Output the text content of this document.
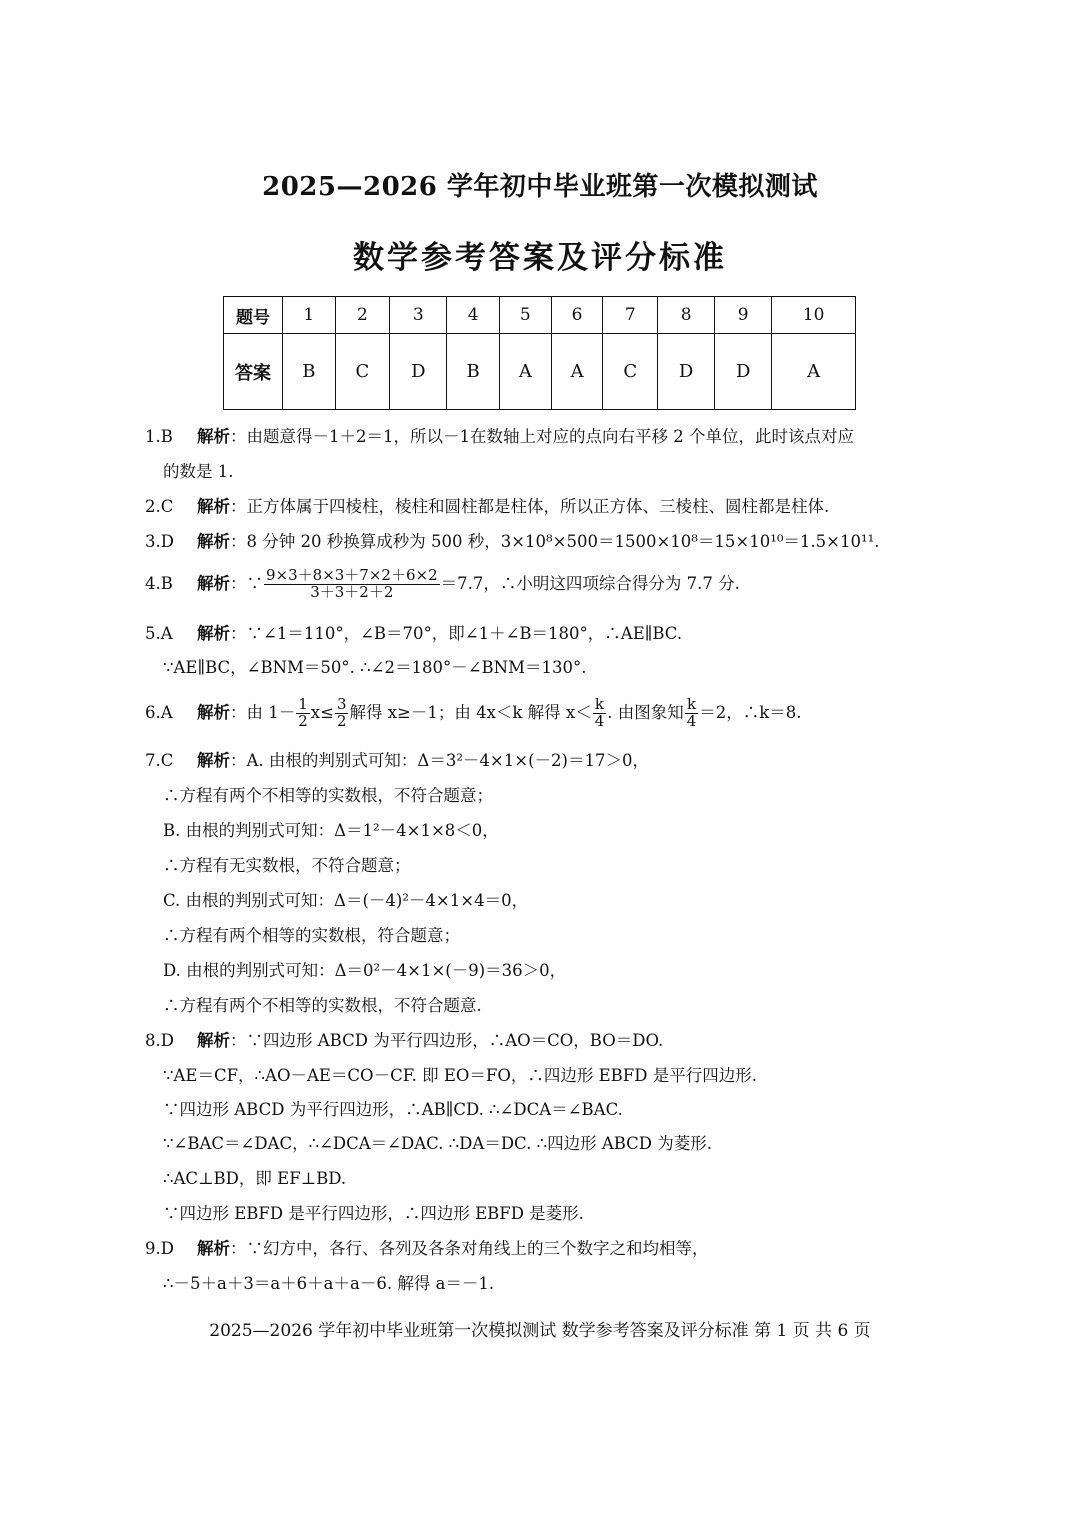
2025—2026 学年初中毕业班第一次模拟测试
数学参考答案及评分标准
题号	1	2	3	4	5	6	7	8	9	10
答案	B	C	D	B	A	A	C	D	D	A
1.B 解析：由题意得－1＋2＝1，所以－1在数轴上对应的点向右平移 2 个单位，此时该点对应
的数是 1.
2.C 解析：正方体属于四棱柱，棱柱和圆柱都是柱体，所以正方体、三棱柱、圆柱都是柱体.
3.D 解析：8 分钟 20 秒换算成秒为 500 秒，3×10⁸×500＝1500×10⁸＝15×10¹⁰＝1.5×10¹¹.
4.B 解析：∵ $\frac{9\times 3+8\times 3+7\times 2+6\times 2}{3+3+2+2} =7.7$，∴小明这四项综合得分为 7.7 分.
5.A 解析：∵∠1＝110°，∠B＝70°，即∠1＋∠B＝180°，∴AE∥BC.
∵AE∥BC，∠BNM＝50°. ∴∠2＝180°－∠BNM＝130°.
6.A 解析：由 $1- \frac{1}{2} x\le \frac{3}{2}$ 解得 x≥－1；由 4x＜k 解得 $x< \frac{k}{4}$ . 由图象知 $\frac{k}{4} =2$，∴k＝8.
7.C 解析：A. 由根的判别式可知：Δ＝3²－4×1×(－2)＝17＞0，
∴方程有两个不相等的实数根，不符合题意；
B. 由根的判别式可知：Δ＝1²－4×1×8＜0，
∴方程有无实数根，不符合题意；
C. 由根的判别式可知：Δ＝(－4)²－4×1×4＝0，
∴方程有两个相等的实数根，符合题意；
D. 由根的判别式可知：Δ＝0²－4×1×(－9)＝36＞0，
∴方程有两个不相等的实数根，不符合题意.
8.D 解析：∵四边形 ABCD 为平行四边形，∴AO＝CO，BO＝DO.
∵AE＝CF，∴AO－AE＝CO－CF. 即 EO＝FO，∴四边形 EBFD 是平行四边形.
∵四边形 ABCD 为平行四边形，∴AB∥CD. ∴∠DCA＝∠BAC.
∵∠BAC＝∠DAC，∴∠DCA＝∠DAC. ∴DA＝DC. ∴四边形 ABCD 为菱形.
∴AC⊥BD，即 EF⊥BD.
∵四边形 EBFD 是平行四边形，∴四边形 EBFD 是菱形.
9.D 解析：∵幻方中，各行、各列及各条对角线上的三个数字之和均相等，
∴－5＋a＋3＝a＋6＋a＋a－6. 解得 a＝－1.
2025—2026 学年初中毕业班第一次模拟测试 数学参考答案及评分标准 第 1 页 共 6 页
